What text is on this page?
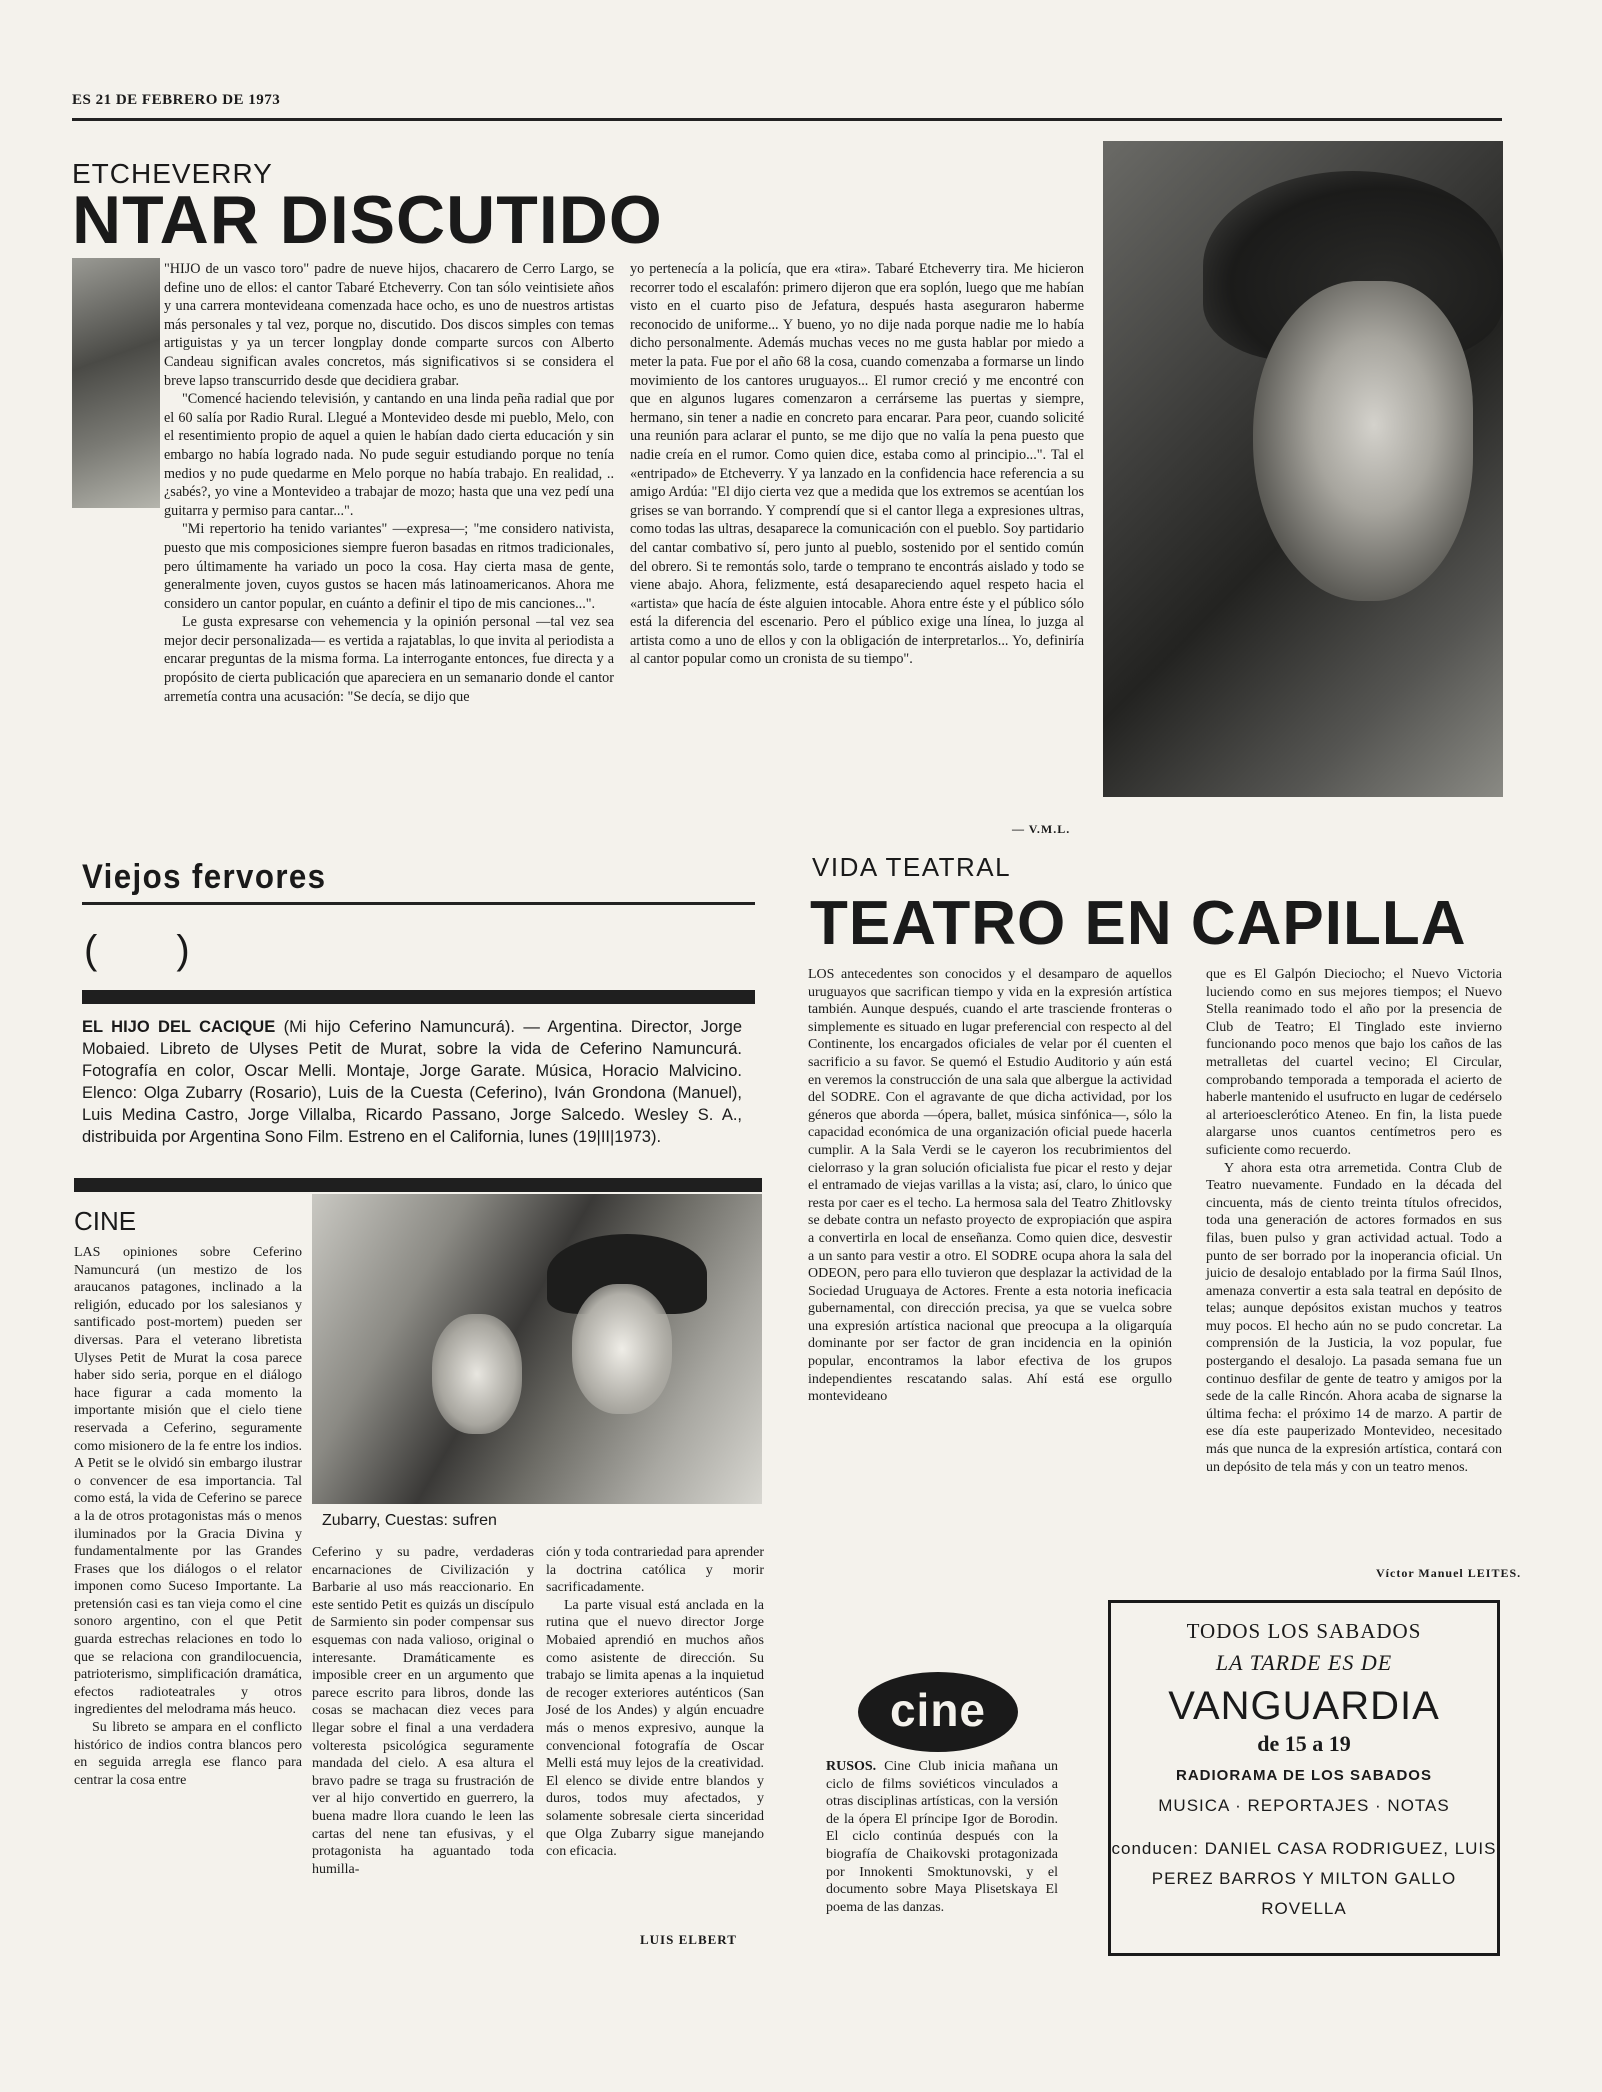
ES 21 DE FEBRERO DE 1973
ETCHEVERRY
NTAR DISCUTIDO

"HIJO de un vasco toro" padre de nueve hijos, chacarero de Cerro Largo, se define uno de ellos: el cantor Tabaré Etcheverry. Con tan sólo veintisiete años y una carrera montevideana comenzada hace ocho, es uno de nuestros artistas más personales y tal vez, porque no, discutido. Dos discos simples con temas artiguistas y ya un tercer longplay donde comparte surcos con Alberto Candeau significan avales concretos, más significativos si se considera el breve lapso transcurrido desde que decidiera grabar.

"Comencé haciendo televisión, y cantando en una linda peña radial que por el 60 salía por Radio Rural. Llegué a Montevideo desde mi pueblo, Melo, con el resentimiento propio de aquel a quien le habían dado cierta educación y sin embargo no había logrado nada. No pude seguir estudiando porque no tenía medios y no pude quedarme en Melo porque no había trabajo. En realidad, ..¿sabés?, yo vine a Montevideo a trabajar de mozo; hasta que una vez pedí una guitarra y permiso para cantar...".

"Mi repertorio ha tenido variantes" —expresa—; "me considero nativista, puesto que mis composiciones siempre fueron basadas en ritmos tradicionales, pero últimamente ha variado un poco la cosa. Hay cierta masa de gente, generalmente joven, cuyos gustos se hacen más latinoamericanos. Ahora me considero un cantor popular, en cuánto a definir el tipo de mis canciones...".

Le gusta expresarse con vehemencia y la opinión personal —tal vez sea mejor decir personalizada— es vertida a rajatablas, lo que invita al periodista a encarar preguntas de la misma forma. La interrogante entonces, fue directa y a propósito de cierta publicación que apareciera en un semanario donde el cantor arremetía contra una acusación: "Se decía, se dijo que

yo pertenecía a la policía, que era «tira». Tabaré Etcheverry tira. Me hicieron recorrer todo el escalafón: primero dijeron que era soplón, luego que me habían visto en el cuarto piso de Jefatura, después hasta aseguraron haberme reconocido de uniforme... Y bueno, yo no dije nada porque nadie me lo había dicho personalmente. Además muchas veces no me gusta hablar por miedo a meter la pata. Fue por el año 68 la cosa, cuando comenzaba a formarse un lindo movimiento de los cantores uruguayos... El rumor creció y me encontré con que en algunos lugares comenzaron a cerrárseme las puertas y siempre, hermano, sin tener a nadie en concreto para encarar. Para peor, cuando solicité una reunión para aclarar el punto, se me dijo que no valía la pena puesto que nadie creía en el rumor. Como quien dice, estaba como al principio...". Tal el «entripado» de Etcheverry. Y ya lanzado en la confidencia hace referencia a su amigo Ardúa: "El dijo cierta vez que a medida que los extremos se acentúan los grises se van borrando. Y comprendí que si el cantor llega a expresiones ultras, como todas las ultras, desaparece la comunicación con el pueblo. Soy partidario del cantar combativo sí, pero junto al pueblo, sostenido por el sentido común del obrero. Si te remontás solo, tarde o temprano te encontrás aislado y todo se viene abajo. Ahora, felizmente, está desapareciendo aquel respeto hacia el «artista» que hacía de éste alguien intocable. Ahora entre éste y el público sólo está la diferencia del escenario. Pero el público exige una línea, lo juzga al artista como a uno de ellos y con la obligación de interpretarlos... Yo, definiría al cantor popular como un cronista de su tiempo".

— V.M.L.
Viejos fervores
( )
EL HIJO DEL CACIQUE (Mi hijo Ceferino Namuncurá). — Argentina. Director, Jorge Mobaied. Libreto de Ulyses Petit de Murat, sobre la vida de Ceferino Namuncurá. Fotografía en color, Oscar Melli. Montaje, Jorge Garate. Música, Horacio Malvicino. Elenco: Olga Zubarry (Rosario), Luis de la Cuesta (Ceferino), Iván Grondona (Manuel), Luis Medina Castro, Jorge Villalba, Ricardo Passano, Jorge Salcedo. Wesley S. A., distribuida por Argentina Sono Film. Estreno en el California, lunes (19|II|1973).
CINE
Zubarry, Cuestas: sufren

LAS opiniones sobre Ceferino Namuncurá (un mestizo de los araucanos patagones, inclinado a la religión, educado por los salesianos y santificado post-mortem) pueden ser diversas. Para el veterano libretista Ulyses Petit de Murat la cosa parece haber sido seria, porque en el diálogo hace figurar a cada momento la importante misión que el cielo tiene reservada a Ceferino, seguramente como misionero de la fe entre los indios. A Petit se le olvidó sin embargo ilustrar o convencer de esa importancia. Tal como está, la vida de Ceferino se parece a la de otros protagonistas más o menos iluminados por la Gracia Divina y fundamentalmente por las Grandes Frases que los diálogos o el relator imponen como Suceso Importante. La pretensión casi es tan vieja como el cine sonoro argentino, con el que Petit guarda estrechas relaciones en todo lo que se relaciona con grandilocuencia, patrioterismo, simplificación dramática, efectos radioteatrales y otros ingredientes del melodrama más heuco.

Su libreto se ampara en el conflicto histórico de indios contra blancos pero en seguida arregla ese flanco para centrar la cosa entre

Ceferino y su padre, verdaderas encarnaciones de Civilización y Barbarie al uso más reaccionario. En este sentido Petit es quizás un discípulo de Sarmiento sin poder compensar sus esquemas con nada valioso, original o interesante. Dramáticamente es imposible creer en un argumento que parece escrito para libros, donde las cosas se machacan diez veces para llegar sobre el final a una verdadera volteresta psicológica seguramente mandada del cielo. A esa altura el bravo padre se traga su frustración de ver al hijo convertido en guerrero, la buena madre llora cuando le leen las cartas del nene tan efusivas, y el protagonista ha aguantado toda humilla-

ción y toda contrariedad para aprender la doctrina católica y morir sacrificadamente.

La parte visual está anclada en la rutina que el nuevo director Jorge Mobaied aprendió en muchos años como asistente de dirección. Su trabajo se limita apenas a la inquietud de recoger exteriores auténticos (San José de los Andes) y algún encuadre más o menos expresivo, aunque la convencional fotografía de Oscar Melli está muy lejos de la creatividad. El elenco se divide entre blandos y duros, todos muy afectados, y solamente sobresale cierta sinceridad que Olga Zubarry sigue manejando con eficacia.

LUIS ELBERT
VIDA TEATRAL
TEATRO EN CAPILLA

LOS antecedentes son conocidos y el desamparo de aquellos uruguayos que sacrifican tiempo y vida en la expresión artística también. Aunque después, cuando el arte trasciende fronteras o simplemente es situado en lugar preferencial con respecto al del Continente, los encargados oficiales de velar por él cuenten el sacrificio a su favor. Se quemó el Estudio Auditorio y aún está en veremos la construcción de una sala que albergue la actividad del SODRE. Con el agravante de que dicha actividad, por los géneros que aborda —ópera, ballet, música sinfónica—, sólo la capacidad económica de una organización oficial puede hacerla cumplir. A la Sala Verdi se le cayeron los recubrimientos del cielorraso y la gran solución oficialista fue picar el resto y dejar el entramado de viejas varillas a la vista; así, claro, lo único que resta por caer es el techo. La hermosa sala del Teatro Zhitlovsky se debate contra un nefasto proyecto de expropiación que aspira a convertirla en local de enseñanza. Como quien dice, desvestir a un santo para vestir a otro. El SODRE ocupa ahora la sala del ODEON, pero para ello tuvieron que desplazar la actividad de la Sociedad Uruguaya de Actores. Frente a esta notoria ineficacia gubernamental, con dirección precisa, ya que se vuelca sobre una expresión artística nacional que preocupa a la oligarquía dominante por ser factor de gran incidencia en la opinión popular, encontramos la labor efectiva de los grupos independientes rescatando salas. Ahí está ese orgullo montevideano

que es El Galpón Dieciocho; el Nuevo Victoria luciendo como en sus mejores tiempos; el Nuevo Stella reanimado todo el año por la presencia de Club de Teatro; El Tinglado este invierno funcionando poco menos que bajo los caños de las metralletas del cuartel vecino; El Circular, comprobando temporada a temporada el acierto de haberle mantenido el usufructo en lugar de cedérselo al arterioesclerótico Ateneo. En fin, la lista puede alargarse unos cuantos centímetros pero es suficiente como recuerdo.

Y ahora esta otra arremetida. Contra Club de Teatro nuevamente. Fundado en la década del cincuenta, más de ciento treinta títulos ofrecidos, toda una generación de actores formados en sus filas, buen pulso y gran actividad actual. Todo a punto de ser borrado por la inoperancia oficial. Un juicio de desalojo entablado por la firma Saúl Ilnos, amenaza convertir a esta sala teatral en depósito de telas; aunque depósitos existan muchos y teatros muy pocos. El hecho aún no se pudo concretar. La comprensión de la Justicia, la voz popular, fue postergando el desalojo. La pasada semana fue un continuo desfilar de gente de teatro y amigos por la sede de la calle Rincón. Ahora acaba de signarse la última fecha: el próximo 14 de marzo. A partir de ese día este pauperizado Montevideo, necesitado más que nunca de la expresión artística, contará con un depósito de tela más y con un teatro menos.

Víctor Manuel LEITES.
cine
RUSOS. Cine Club inicia mañana un ciclo de films soviéticos vinculados a otras disciplinas artísticas, con la versión de la ópera El príncipe Igor de Borodin. El ciclo continúa después con la biografía de Chaikovski protagonizada por Innokenti Smoktunovski, y el documento sobre Maya Plisetskaya El poema de las danzas.
TODOS LOS SABADOS
LA TARDE ES DE
VANGUARDIA
de 15 a 19
RADIORAMA DE LOS SABADOS
MUSICA · REPORTAJES · NOTAS
conducen: DANIEL CASA RODRIGUEZ, LUIS PEREZ BARROS Y MILTON GALLO ROVELLA
